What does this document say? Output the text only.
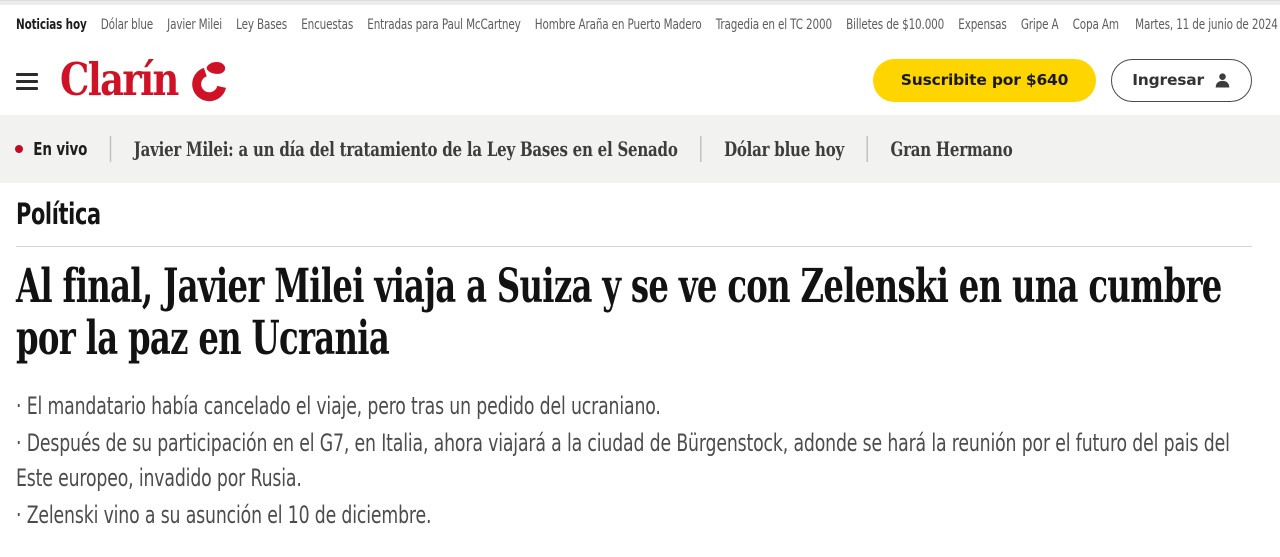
Noticias hoy Dólar blue Javier Milei Ley Bases Encuestas Entradas para Paul McCartney Hombre Araña en Puerto Madero Tragedia en el TC 2000 Billetes de $10.000 Expensas Gripe A Copa Am Martes, 11 de junio de 2024
Clarín	Suscribite por $640	Ingresar
En vivo Javier Milei: a un día del tratamiento de la Ley Bases en el Senado Dólar blue hoy Gran Hermano
Política
Al final, Javier Milei viaja a Suiza y se ve con Zelenski en una cumbre por la paz en Ucrania
· El mandatario había cancelado el viaje, pero tras un pedido del ucraniano.
· Después de su participación en el G7, en Italia, ahora viajará a la ciudad de Bürgenstock, adonde se hará la reunión por el futuro del pais del Este europeo, invadido por Rusia.
· Zelenski vino a su asunción el 10 de diciembre.
